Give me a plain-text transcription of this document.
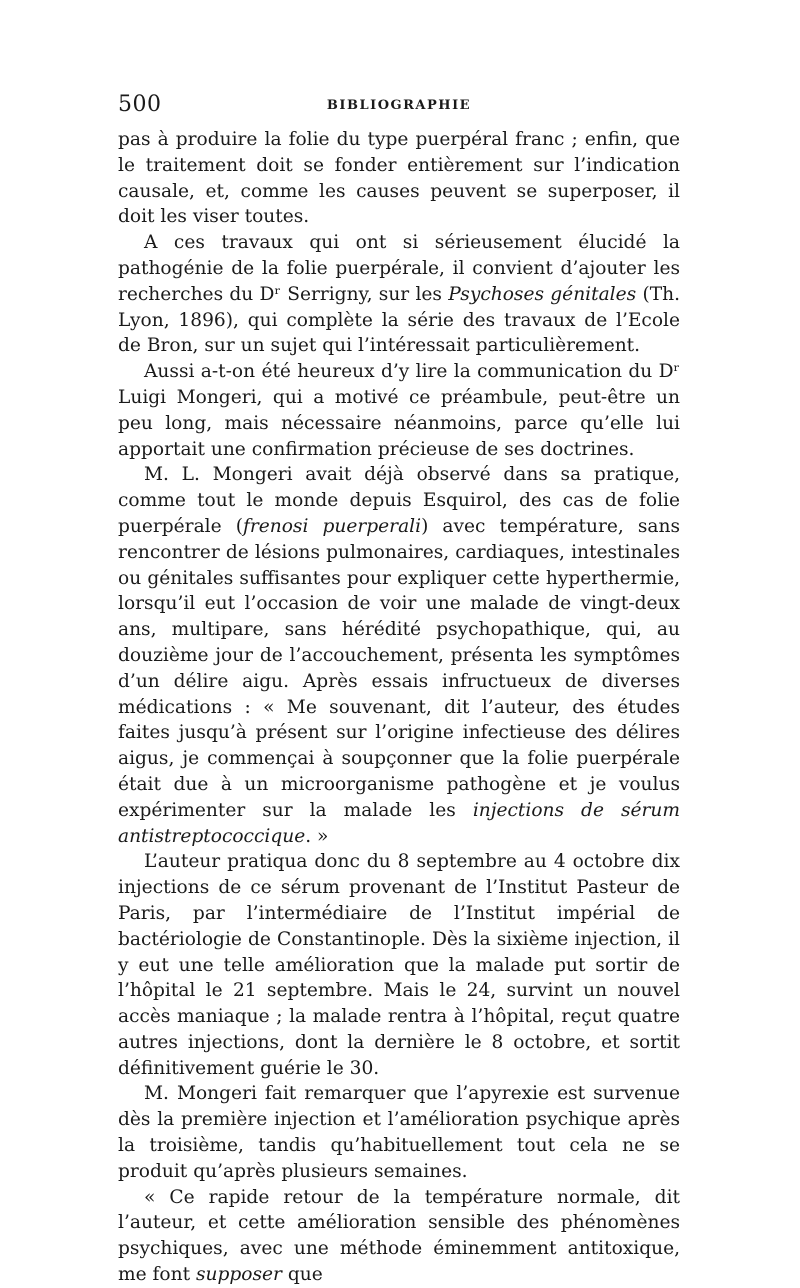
500	BIBLIOGRAPHIE

pas à produire la folie du type puerpéral franc ; enfin, que le traitement doit se fonder entièrement sur l’indication causale, et, comme les causes peuvent se superposer, il doit les viser toutes.

A ces travaux qui ont si sérieusement élucidé la pathogénie de la folie puerpérale, il convient d’ajouter les recherches du Dʳ Serrigny, sur les Psychoses génitales (Th. Lyon, 1896), qui complète la série des travaux de l’Ecole de Bron, sur un sujet qui l’intéressait particulièrement.

Aussi a-t-on été heureux d’y lire la communication du Dʳ Luigi Mongeri, qui a motivé ce préambule, peut-être un peu long, mais nécessaire néanmoins, parce qu’elle lui apportait une confirmation précieuse de ses doctrines.

M. L. Mongeri avait déjà observé dans sa pratique, comme tout le monde depuis Esquirol, des cas de folie puerpérale (frenosi puerperali) avec température, sans rencontrer de lésions pulmonaires, cardiaques, intestinales ou génitales suffisantes pour expliquer cette hyperthermie, lorsqu’il eut l’occasion de voir une malade de vingt-deux ans, multipare, sans hérédité psychopathique, qui, au douzième jour de l’accouchement, présenta les symptômes d’un délire aigu. Après essais infructueux de diverses médications : « Me souvenant, dit l’auteur, des études faites jusqu’à présent sur l’origine infectieuse des délires aigus, je commençai à soupçonner que la folie puerpérale était due à un microorganisme pathogène et je voulus expérimenter sur la malade les injections de sérum antistreptococcique. »

L’auteur pratiqua donc du 8 septembre au 4 octobre dix injections de ce sérum provenant de l’Institut Pasteur de Paris, par l’intermédiaire de l’Institut impérial de bactériologie de Constantinople. Dès la sixième injection, il y eut une telle amélioration que la malade put sortir de l’hôpital le 21 septembre. Mais le 24, survint un nouvel accès maniaque ; la malade rentra à l’hôpital, reçut quatre autres injections, dont la dernière le 8 octobre, et sortit définitivement guérie le 30.

M. Mongeri fait remarquer que l’apyrexie est survenue dès la première injection et l’amélioration psychique après la troisième, tandis qu’habituellement tout cela ne se produit qu’après plusieurs semaines.

« Ce rapide retour de la température normale, dit l’auteur, et cette amélioration sensible des phénomènes psychiques, avec une méthode éminemment antitoxique, me font supposer que
